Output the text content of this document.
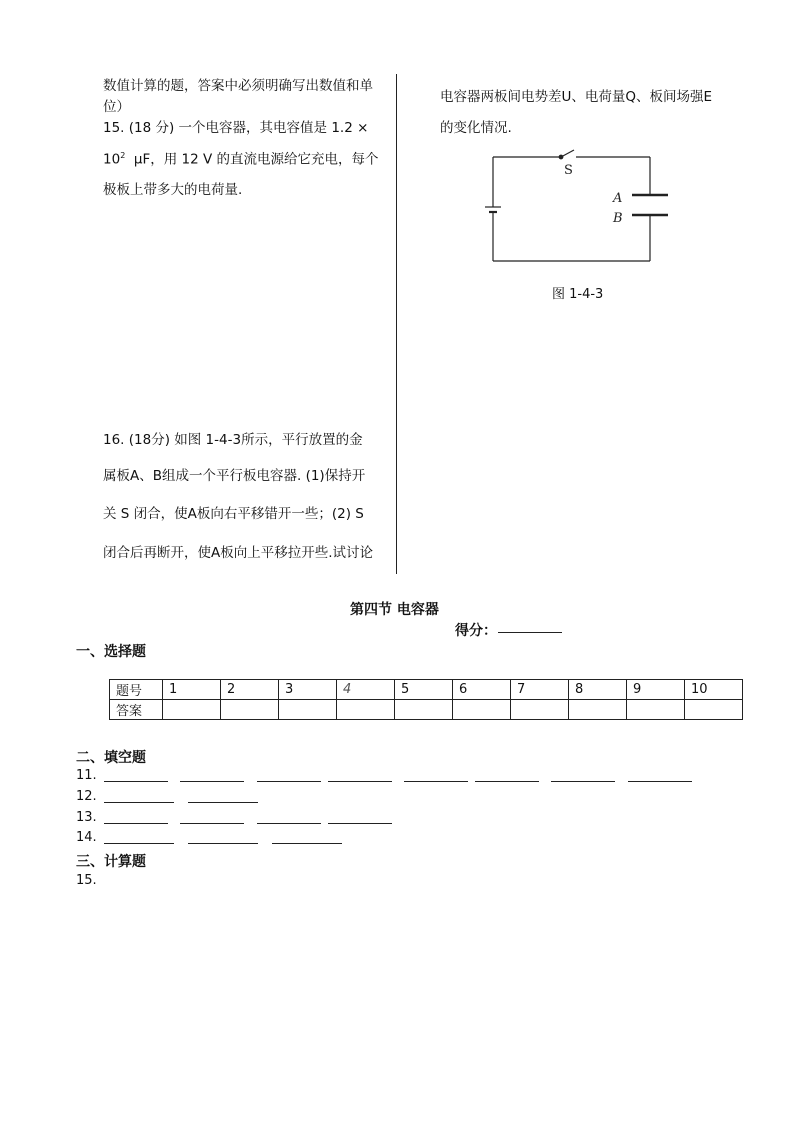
数值计算的题，答案中必须明确写出数值和单
位）
15. (18 分) 一个电容器，其电容值是 1.2 ×
$10^2$  μF，用 12 V 的直流电源给它充电，每个
极板上带多大的电荷量.
16. (18分) 如图 1-4-3所示，平行放置的金
属板A、B组成一个平行板电容器. (1)保持开
关 S 闭合，使A板向右平移错开一些；(2) S
闭合后再断开，使A板向上平移拉开些.试讨论
电容器两板间电势差U、电荷量Q、板间场强E
的变化情况.
S
A
B
图 1-4-3
第四节 电容器
得分：
一、选择题
题号	1	2	3	4	5	6	7	8	9	10
答案										
二、填空题
11.
12.
13.
14.
三、计算题
15.
